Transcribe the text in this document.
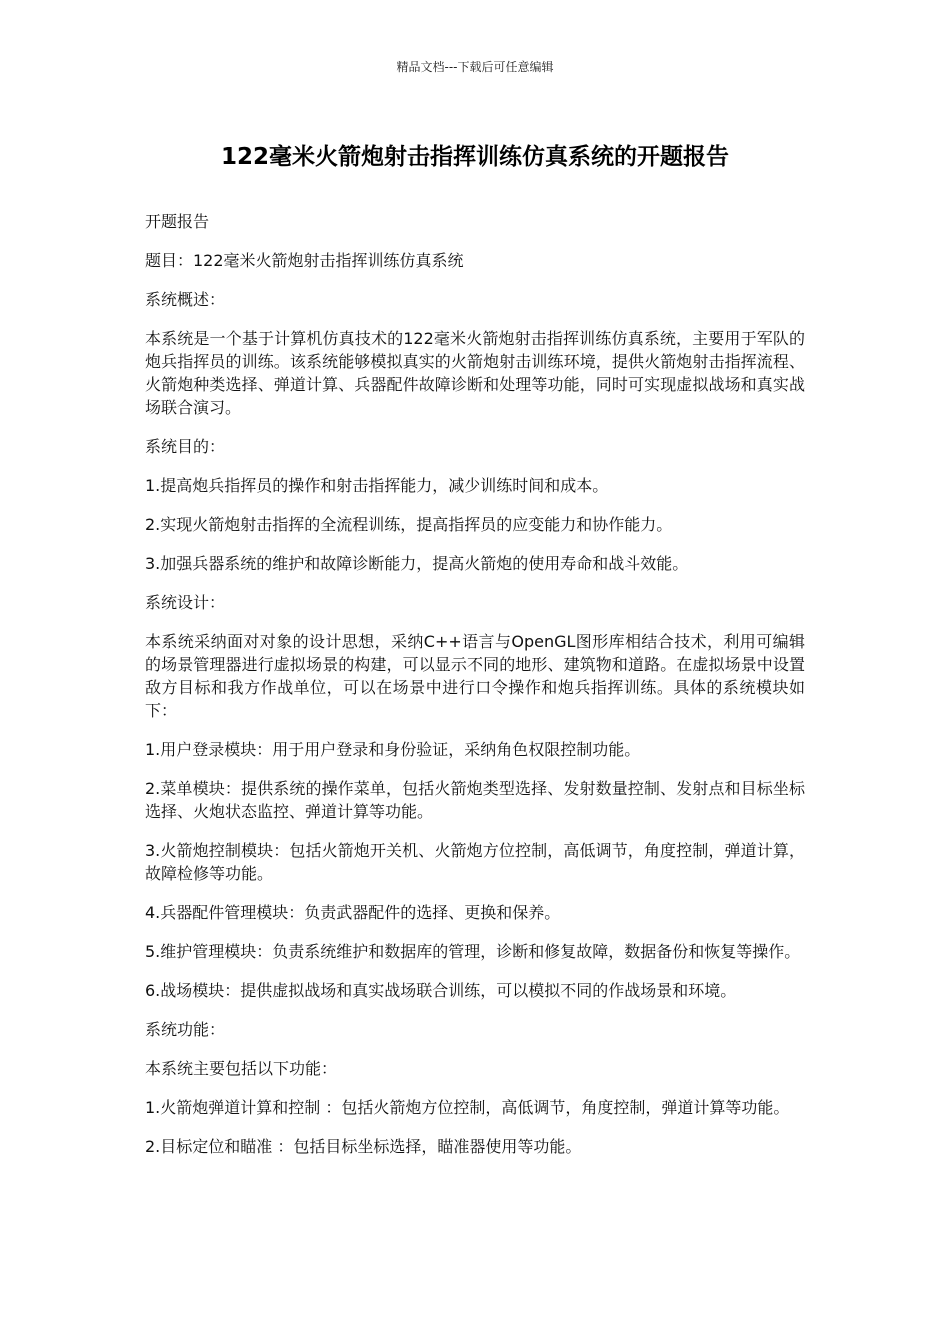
精品文档---下载后可任意编辑
122毫米火箭炮射击指挥训练仿真系统的开题报告

开题报告

题目：122毫米火箭炮射击指挥训练仿真系统

系统概述：

本系统是一个基于计算机仿真技术的122毫米火箭炮射击指挥训练仿真系统，主要用于军队的炮兵指挥员的训练。该系统能够模拟真实的火箭炮射击训练环境，提供火箭炮射击指挥流程、火箭炮种类选择、弹道计算、兵器配件故障诊断和处理等功能，同时可实现虚拟战场和真实战场联合演习。

系统目的：

1.提高炮兵指挥员的操作和射击指挥能力，减少训练时间和成本。

2.实现火箭炮射击指挥的全流程训练，提高指挥员的应变能力和协作能力。

3.加强兵器系统的维护和故障诊断能力，提高火箭炮的使用寿命和战斗效能。

系统设计：

本系统采纳面对对象的设计思想，采纳C++语言与OpenGL图形库相结合技术，利用可编辑的场景管理器进行虚拟场景的构建，可以显示不同的地形、建筑物和道路。在虚拟场景中设置敌方目标和我方作战单位，可以在场景中进行口令操作和炮兵指挥训练。具体的系统模块如下：

1.用户登录模块：用于用户登录和身份验证，采纳角色权限控制功能。

2.菜单模块：提供系统的操作菜单，包括火箭炮类型选择、发射数量控制、发射点和目标坐标选择、火炮状态监控、弹道计算等功能。

3.火箭炮控制模块：包括火箭炮开关机、火箭炮方位控制，高低调节，角度控制，弹道计算，故障检修等功能。

4.兵器配件管理模块：负责武器配件的选择、更换和保养。

5.维护管理模块：负责系统维护和数据库的管理，诊断和修复故障，数据备份和恢复等操作。

6.战场模块：提供虚拟战场和真实战场联合训练，可以模拟不同的作战场景和环境。

系统功能：

本系统主要包括以下功能：

1.火箭炮弹道计算和控制 ：包括火箭炮方位控制，高低调节，角度控制，弹道计算等功能。

2.目标定位和瞄准 ：包括目标坐标选择，瞄准器使用等功能。
